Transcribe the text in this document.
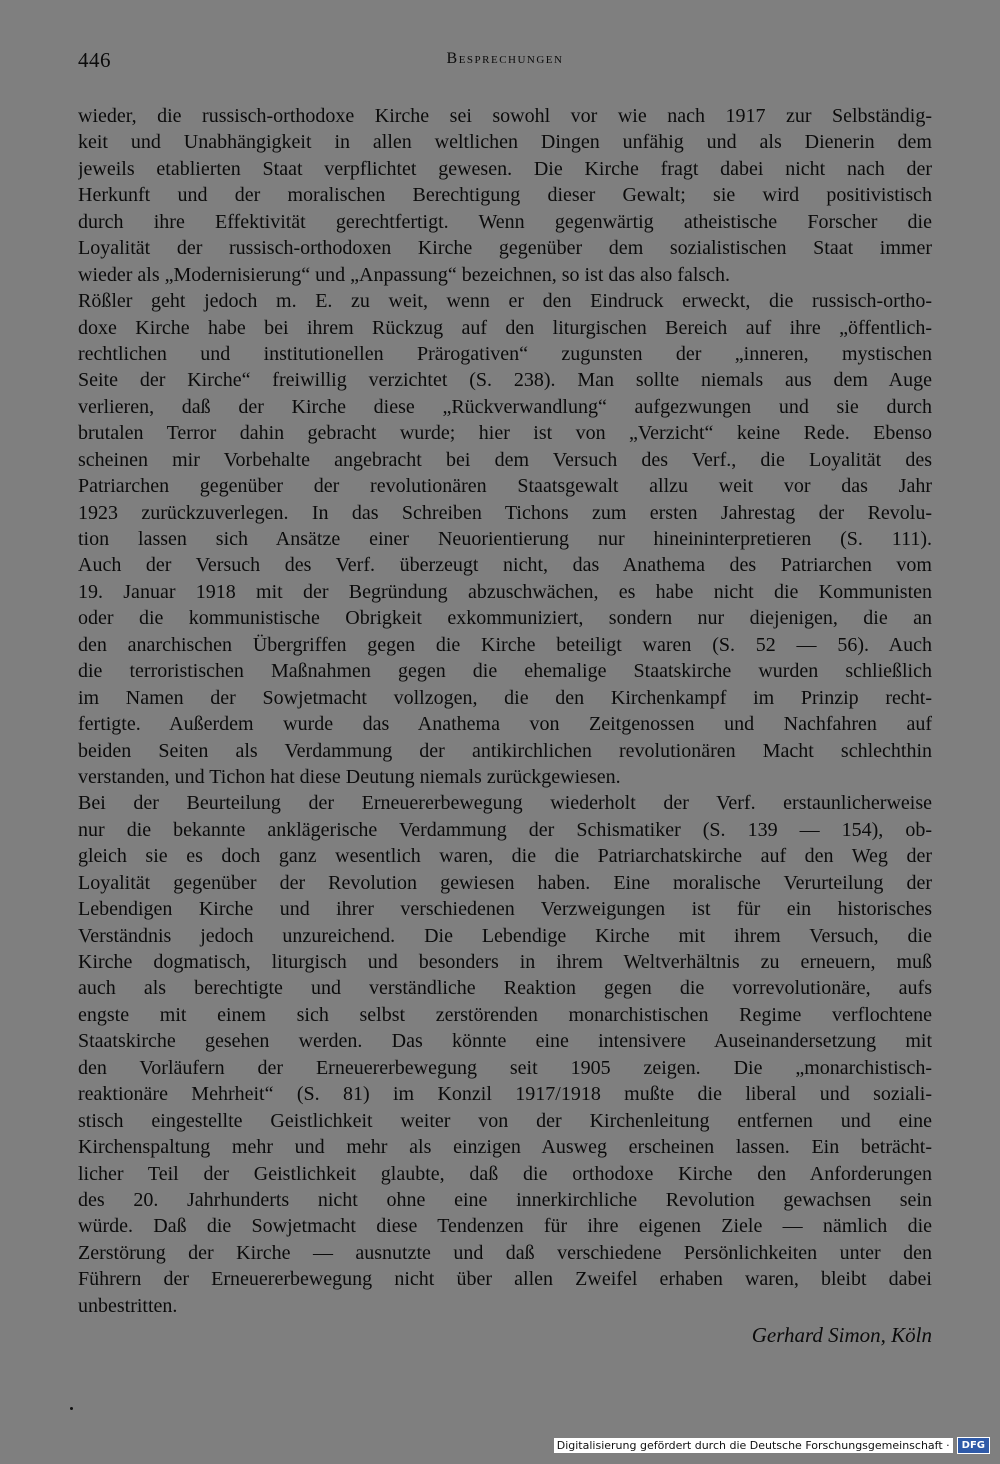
446	Besprechungen
wieder, die russisch-orthodoxe Kirche sei sowohl vor wie nach 1917 zur Selbständig-
keit und Unabhängigkeit in allen weltlichen Dingen unfähig und als Dienerin dem
jeweils etablierten Staat verpflichtet gewesen. Die Kirche fragt dabei nicht nach der
Herkunft und der moralischen Berechtigung dieser Gewalt; sie wird positivistisch
durch ihre Effektivität gerechtfertigt. Wenn gegenwärtig atheistische Forscher die
Loyalität der russisch-orthodoxen Kirche gegenüber dem sozialistischen Staat immer
wieder als „Modernisierung“ und „Anpassung“ bezeichnen, so ist das also falsch.
Rößler geht jedoch m. E. zu weit, wenn er den Eindruck erweckt, die russisch-ortho-
doxe Kirche habe bei ihrem Rückzug auf den liturgischen Bereich auf ihre „öffentlich-
rechtlichen und institutionellen Prärogativen“ zugunsten der „inneren, mystischen
Seite der Kirche“ freiwillig verzichtet (S. 238). Man sollte niemals aus dem Auge
verlieren, daß der Kirche diese „Rückverwandlung“ aufgezwungen und sie durch
brutalen Terror dahin gebracht wurde; hier ist von „Verzicht“ keine Rede. Ebenso
scheinen mir Vorbehalte angebracht bei dem Versuch des Verf., die Loyalität des
Patriarchen gegenüber der revolutionären Staatsgewalt allzu weit vor das Jahr
1923 zurückzuverlegen. In das Schreiben Tichons zum ersten Jahrestag der Revolu-
tion lassen sich Ansätze einer Neuorientierung nur hineininterpretieren (S. 111).
Auch der Versuch des Verf. überzeugt nicht, das Anathema des Patriarchen vom
19. Januar 1918 mit der Begründung abzuschwächen, es habe nicht die Kommunisten
oder die kommunistische Obrigkeit exkommuniziert, sondern nur diejenigen, die an
den anarchischen Übergriffen gegen die Kirche beteiligt waren (S. 52 — 56). Auch
die terroristischen Maßnahmen gegen die ehemalige Staatskirche wurden schließlich
im Namen der Sowjetmacht vollzogen, die den Kirchenkampf im Prinzip recht-
fertigte. Außerdem wurde das Anathema von Zeitgenossen und Nachfahren auf
beiden Seiten als Verdammung der antikirchlichen revolutionären Macht schlechthin
verstanden, und Tichon hat diese Deutung niemals zurückgewiesen.
Bei der Beurteilung der Erneuererbewegung wiederholt der Verf. erstaunlicherweise
nur die bekannte anklägerische Verdammung der Schismatiker (S. 139 — 154), ob-
gleich sie es doch ganz wesentlich waren, die die Patriarchatskirche auf den Weg der
Loyalität gegenüber der Revolution gewiesen haben. Eine moralische Verurteilung der
Lebendigen Kirche und ihrer verschiedenen Verzweigungen ist für ein historisches
Verständnis jedoch unzureichend. Die Lebendige Kirche mit ihrem Versuch, die
Kirche dogmatisch, liturgisch und besonders in ihrem Weltverhältnis zu erneuern, muß
auch als berechtigte und verständliche Reaktion gegen die vorrevolutionäre, aufs
engste mit einem sich selbst zerstörenden monarchistischen Regime verflochtene
Staatskirche gesehen werden. Das könnte eine intensivere Auseinandersetzung mit
den Vorläufern der Erneuererbewegung seit 1905 zeigen. Die „monarchistisch-
reaktionäre Mehrheit“ (S. 81) im Konzil 1917/1918 mußte die liberal und soziali-
stisch eingestellte Geistlichkeit weiter von der Kirchenleitung entfernen und eine
Kirchenspaltung mehr und mehr als einzigen Ausweg erscheinen lassen. Ein beträcht-
licher Teil der Geistlichkeit glaubte, daß die orthodoxe Kirche den Anforderungen
des 20. Jahrhunderts nicht ohne eine innerkirchliche Revolution gewachsen sein
würde. Daß die Sowjetmacht diese Tendenzen für ihre eigenen Ziele — nämlich die
Zerstörung der Kirche — ausnutzte und daß verschiedene Persönlichkeiten unter den
Führern der Erneuererbewegung nicht über allen Zweifel erhaben waren, bleibt dabei
unbestritten.
Gerhard Simon, Köln
Digitalisierung gefördert durch die Deutsche Forschungsgemeinschaft ·	DFG
